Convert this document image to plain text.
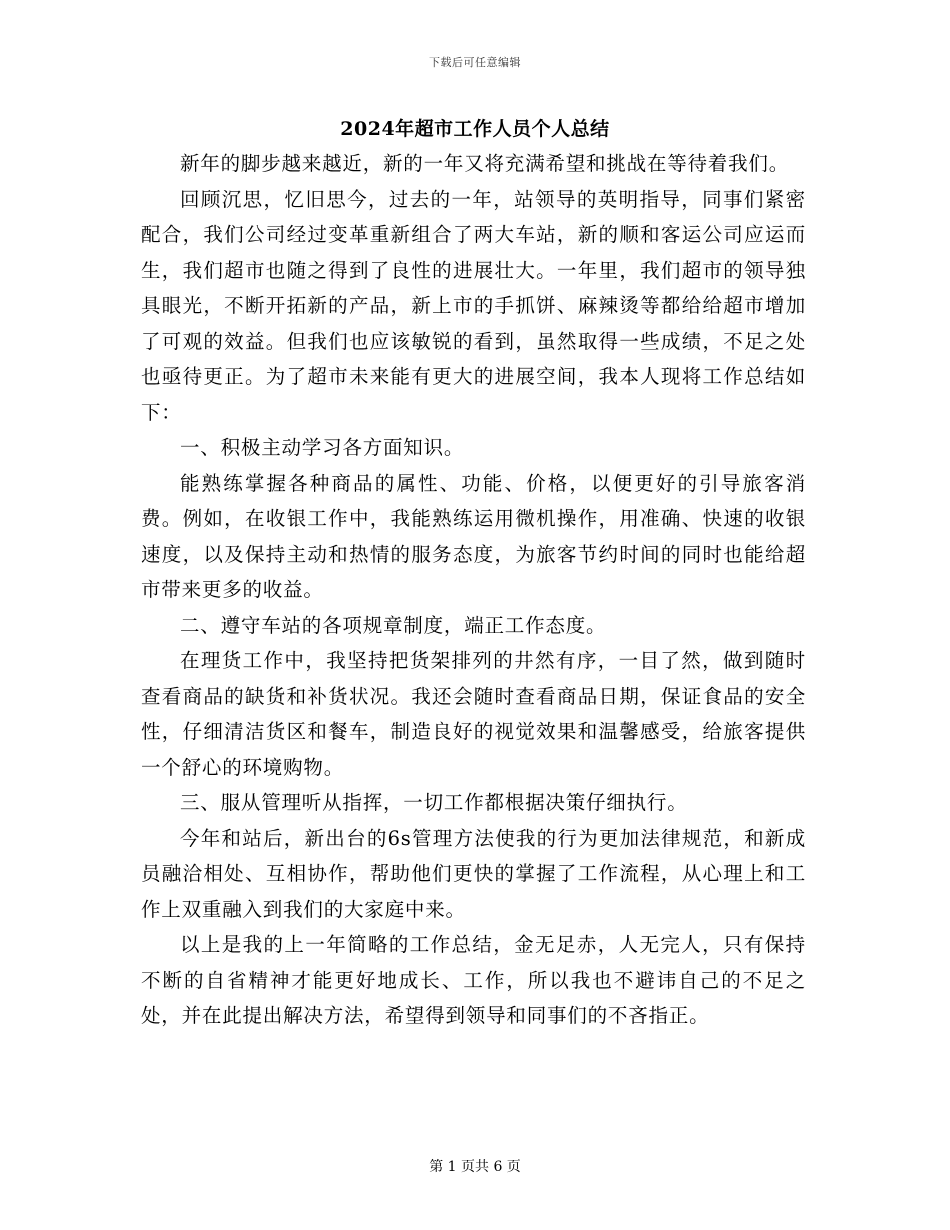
下载后可任意编辑
2024年超市工作人员个人总结

新年的脚步越来越近，新的一年又将充满希望和挑战在等待着我们。

回顾沉思，忆旧思今，过去的一年，站领导的英明指导，同事们紧密配合，我们公司经过变革重新组合了两大车站，新的顺和客运公司应运而生，我们超市也随之得到了良性的进展壮大。一年里，我们超市的领导独具眼光，不断开拓新的产品，新上市的手抓饼、麻辣烫等都给给超市增加了可观的效益。但我们也应该敏锐的看到，虽然取得一些成绩，不足之处也亟待更正。为了超市未来能有更大的进展空间，我本人现将工作总结如下：

一、积极主动学习各方面知识。

能熟练掌握各种商品的属性、功能、价格，以便更好的引导旅客消费。例如，在收银工作中，我能熟练运用微机操作，用准确、快速的收银速度，以及保持主动和热情的服务态度，为旅客节约时间的同时也能给超市带来更多的收益。

二、遵守车站的各项规章制度，端正工作态度。

在理货工作中，我坚持把货架排列的井然有序，一目了然，做到随时查看商品的缺货和补货状况。我还会随时查看商品日期，保证食品的安全性，仔细清洁货区和餐车，制造良好的视觉效果和温馨感受，给旅客提供一个舒心的环境购物。

三、服从管理听从指挥，一切工作都根据决策仔细执行。

今年和站后，新出台的6s管理方法使我的行为更加法律规范，和新成员融洽相处、互相协作，帮助他们更快的掌握了工作流程，从心理上和工作上双重融入到我们的大家庭中来。

以上是我的上一年简略的工作总结，金无足赤，人无完人，只有保持不断的自省精神才能更好地成长、工作，所以我也不避讳自己的不足之处，并在此提出解决方法，希望得到领导和同事们的不吝指正。

第 1 页共 6 页
